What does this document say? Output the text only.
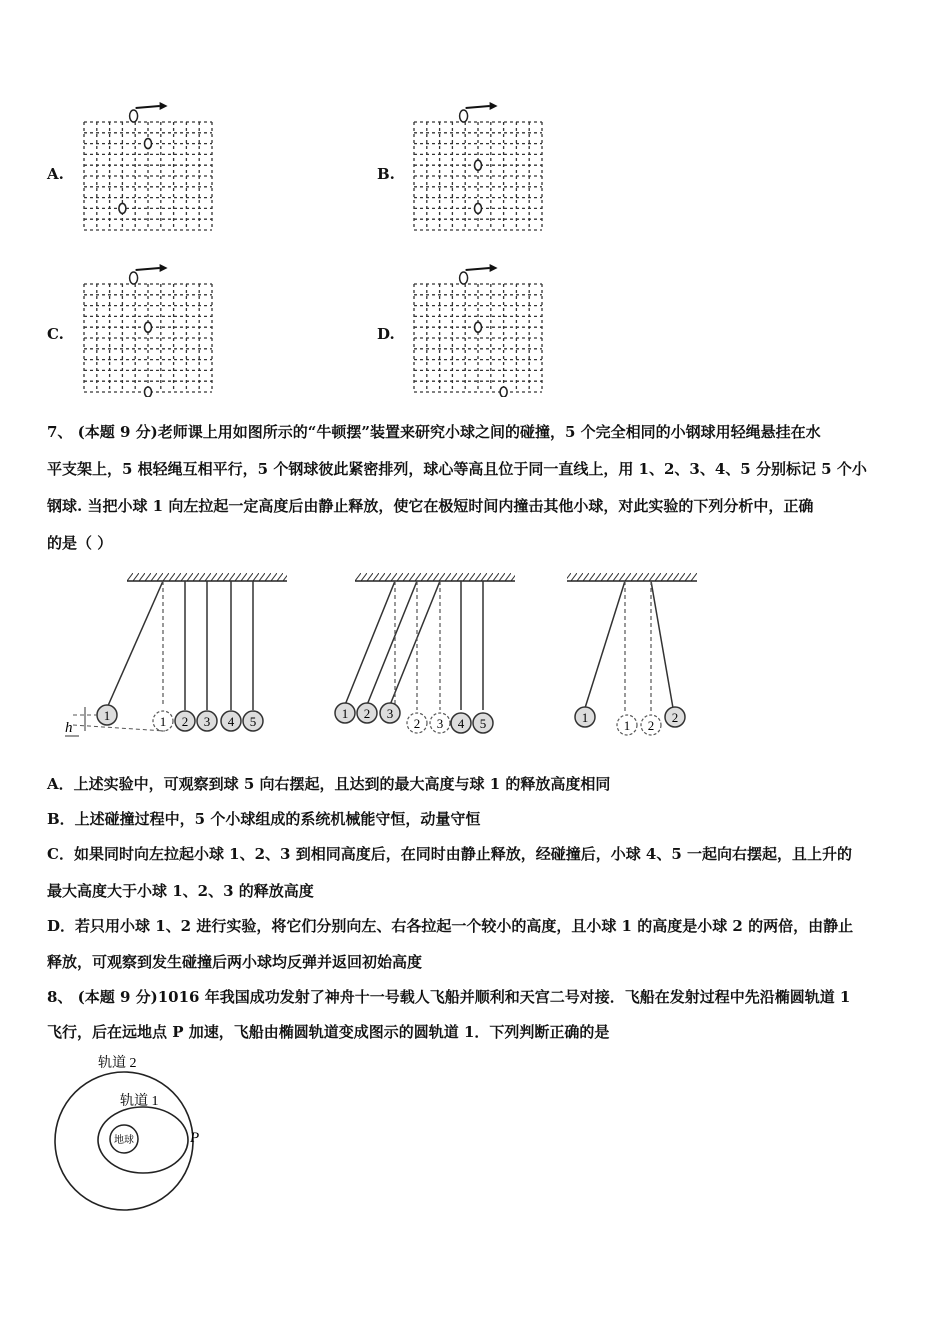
A.	B.
C.	D.
7、 (本题 9 分)老师课上用如图所示的“牛顿摆”装置来研究小球之间的碰撞，5 个完全相同的小钢球用轻绳悬挂在水
平支架上，5 根轻绳互相平行，5 个钢球彼此紧密排列，球心等高且位于同一直线上，用 1、2、3、4、5 分别标记 5 个小
钢球. 当把小球 1 向左拉起一定高度后由静止释放，使它在极短时间内撞击其他小球，对此实验的下列分析中，正确
的是（ ）
1	1 2 3 4 5
h
1 2 3
2 3 4 5	1
1 2
2
A．上述实验中，可观察到球 5 向右摆起，且达到的最大高度与球 1 的释放高度相同
B．上述碰撞过程中，5 个小球组成的系统机械能守恒，动量守恒
C．如果同时向左拉起小球 1、2、3 到相同高度后，在同时由静止释放，经碰撞后，小球 4、5 一起向右摆起，且上升的
最大高度大于小球 1、2、3 的释放高度
D．若只用小球 1、2 进行实验，将它们分别向左、右各拉起一个较小的高度，且小球 1 的高度是小球 2 的两倍，由静止
释放，可观察到发生碰撞后两小球均反弹并返回初始高度
8、 (本题 9 分)1016 年我国成功发射了神舟十一号载人飞船并顺利和天宫二号对接．飞船在发射过程中先沿椭圆轨道 1
飞行，后在远地点 P 加速，飞船由椭圆轨道变成图示的圆轨道 1．下列判断正确的是
地球
轨道 2
轨道 1
P
